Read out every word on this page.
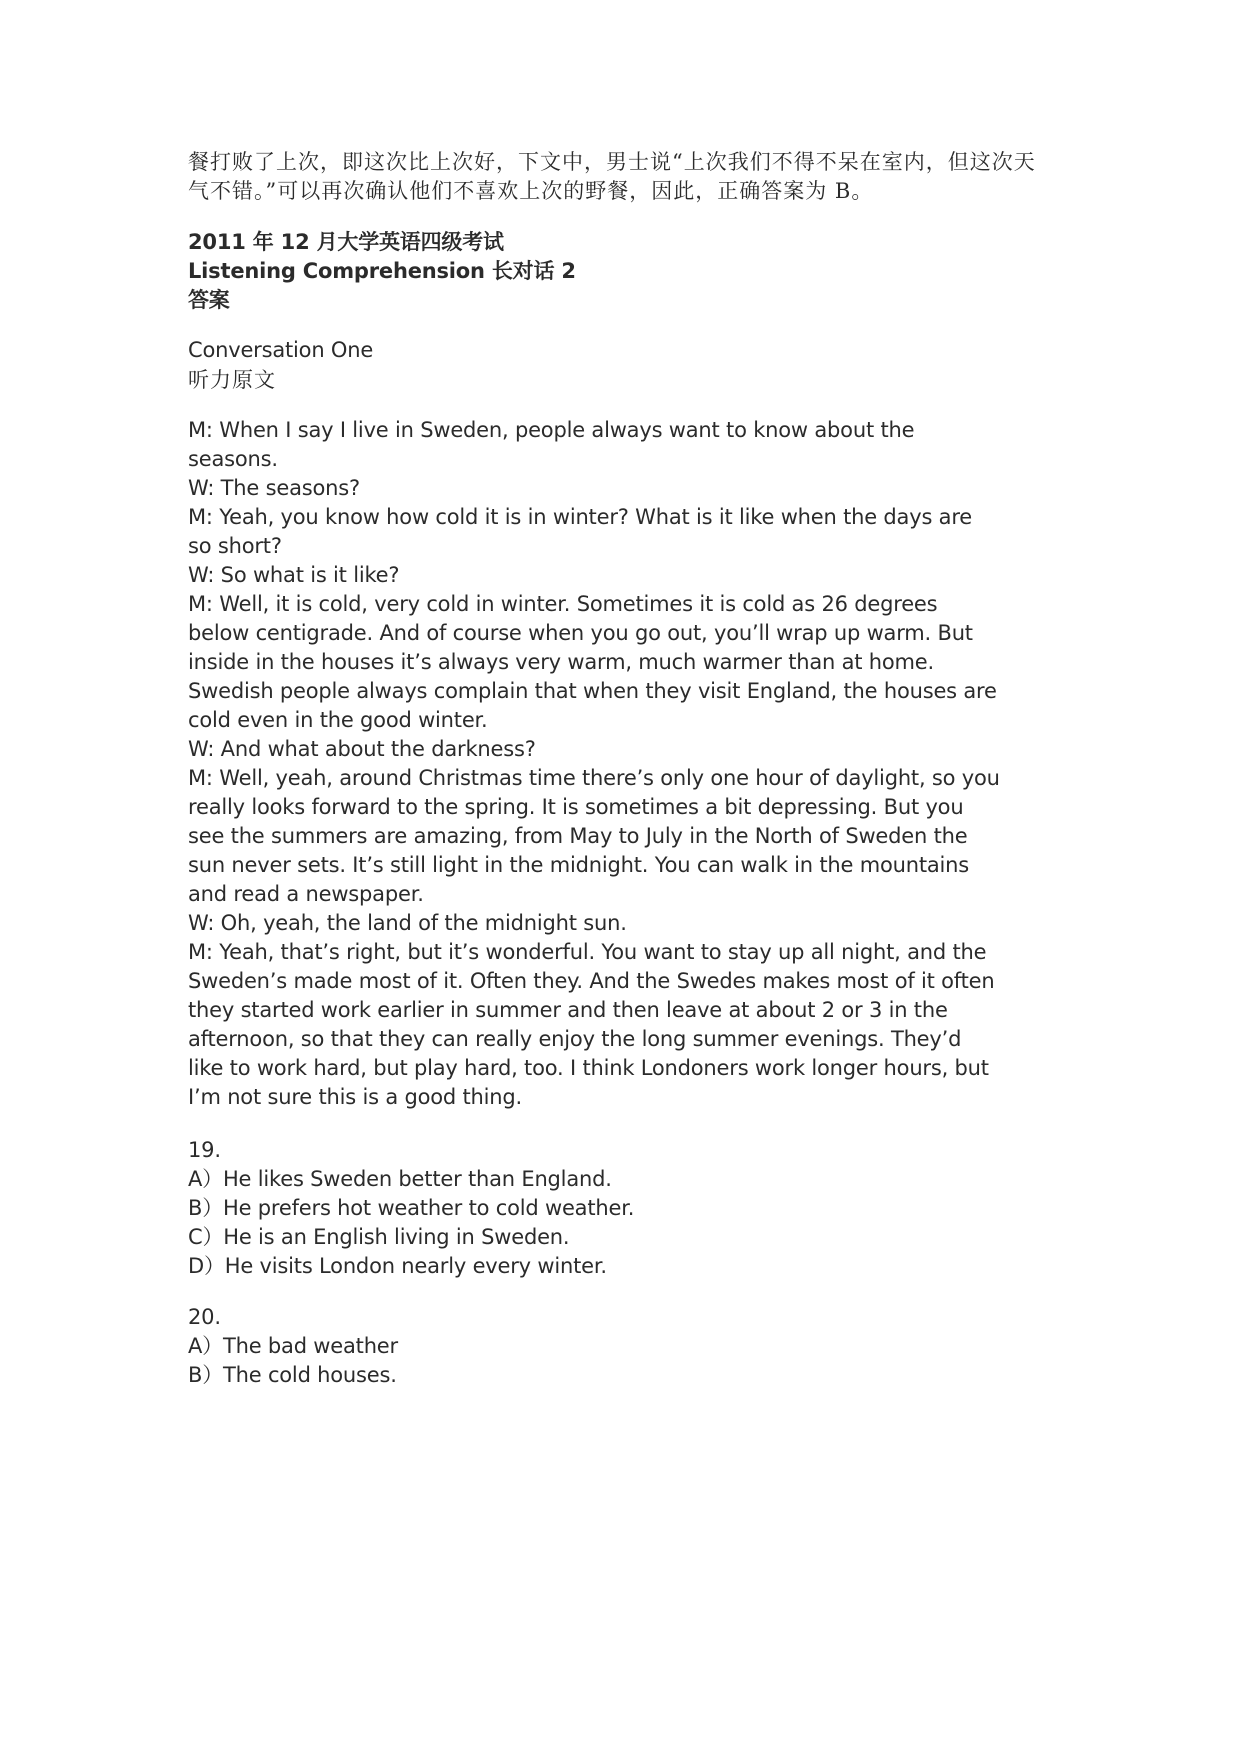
餐打败了上次，即这次比上次好，下文中，男士说“上次我们不得不呆在室内，但这次天
气不错。”可以再次确认他们不喜欢上次的野餐，因此，正确答案为 B。
2011 年 12 月大学英语四级考试
Listening Comprehension 长对话 2
答案
Conversation One
听力原文
M: When I say I live in Sweden, people always want to know about the
seasons.
W: The seasons?
M: Yeah, you know how cold it is in winter? What is it like when the days are
so short?
W: So what is it like?
M: Well, it is cold, very cold in winter. Sometimes it is cold as 26 degrees
below centigrade. And of course when you go out, you’ll wrap up warm. But
inside in the houses it’s always very warm, much warmer than at home.
Swedish people always complain that when they visit England, the houses are
cold even in the good winter.
W: And what about the darkness?
M: Well, yeah, around Christmas time there’s only one hour of daylight, so you
really looks forward to the spring. It is sometimes a bit depressing. But you
see the summers are amazing, from May to July in the North of Sweden the
sun never sets. It’s still light in the midnight. You can walk in the mountains
and read a newspaper.
W: Oh, yeah, the land of the midnight sun.
M: Yeah, that’s right, but it’s wonderful. You want to stay up all night, and the
Sweden’s made most of it. Often they. And the Swedes makes most of it often
they started work earlier in summer and then leave at about 2 or 3 in the
afternoon, so that they can really enjoy the long summer evenings. They’d
like to work hard, but play hard, too. I think Londoners work longer hours, but
I’m not sure this is a good thing.
19.
A）He likes Sweden better than England.
B）He prefers hot weather to cold weather.
C）He is an English living in Sweden.
D）He visits London nearly every winter.
20.
A）The bad weather
B）The cold houses.
